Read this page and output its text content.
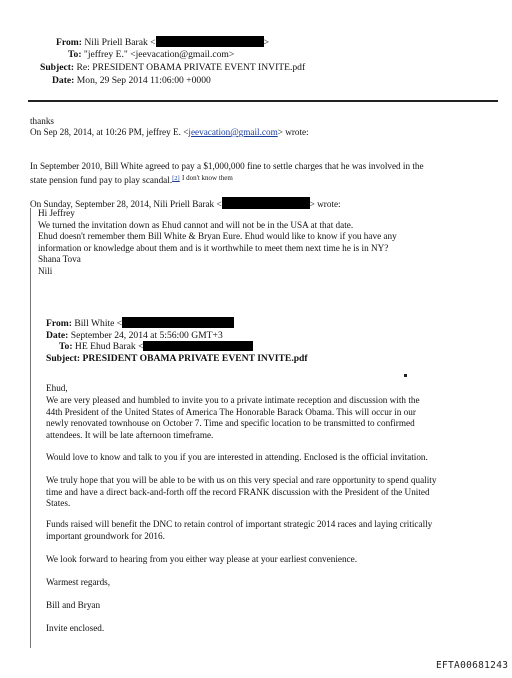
From: Nili Priell Barak <	>
To: "jeffrey E." <jeevacation@gmail.com>
Subject: Re: PRESIDENT OBAMA PRIVATE EVENT INVITE.pdf
Date: Mon, 29 Sep 2014 11:06:00 +0000
thanks
On Sep 28, 2014, at 10:26 PM, jeffrey E. <jeevacation@gmail.com> wrote:
In September 2010, Bill White agreed to pay a $1,000,000 fine to settle charges that he was involved in the
state pension fund pay to play scandal.[2] $^{I don't know them}$
On Sunday, September 28, 2014, Nili Priell Barak <	> wrote:
Hi Jeffrey
We turned the invitation down as Ehud cannot and will not be in the USA at that date.
Ehud doesn't remember them Bill White & Bryan Eure. Ehud would like to know if you have any
information or knowledge about them and is it worthwhile to meet them next time he is in NY?
Shana Tova
Nili
From: Bill White <
Date: September 24, 2014 at 5:56:00 GMT+3
To: HE Ehud Barak <
Subject: PRESIDENT OBAMA PRIVATE EVENT INVITE.pdf
Ehud,
We are very pleased and humbled to invite you to a private intimate reception and discussion with the
44th President of the United States of America The Honorable Barack Obama. This will occur in our
newly renovated townhouse on October 7. Time and specific location to be transmitted to confirmed
attendees. It will be late afternoon timeframe.
Would love to know and talk to you if you are interested in attending. Enclosed is the official invitation.
We truly hope that you will be able to be with us on this very special and rare opportunity to spend quality
time and have a direct back-and-forth off the record FRANK discussion with the President of the United
States.
Funds raised will benefit the DNC to retain control of important strategic 2014 races and laying critically
important groundwork for 2016.
We look forward to hearing from you either way please at your earliest convenience.
Warmest regards,
Bill and Bryan
Invite enclosed.
EFTA00681243
